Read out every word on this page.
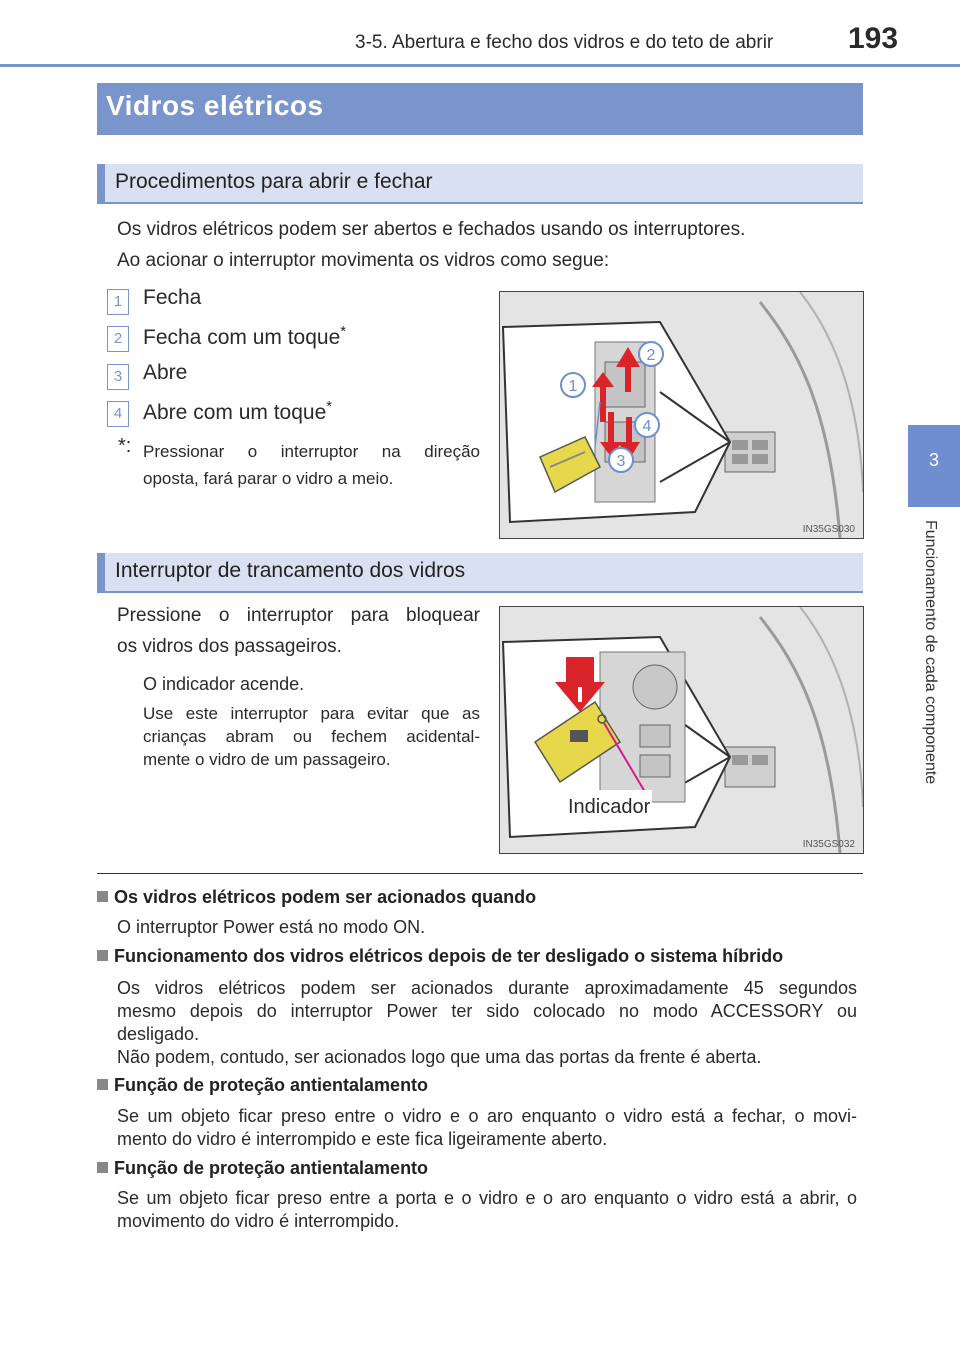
3-5. Abertura e fecho dos vidros e do teto de abrir 193
3
Funcionamento de cada componente
Vidros elétricos
Procedimentos para abrir e fechar
Os vidros elétricos podem ser abertos e fechados usando os interruptores.
Ao acionar o interruptor movimenta os vidros como segue:
1 Fecha
2 Fecha com um toque*
3 Abre
4 Abre com um toque*
*: Pressionar o interruptor na direção
oposta, fará parar o vidro a meio.
2
1
4
3
IN35GS030
Interruptor de trancamento dos vidros
Pressione o interruptor para bloquear
os vidros dos passageiros.
O indicador acende.
Use este interruptor para evitar que as
crianças abram ou fechem acidental-
mente o vidro de um passageiro.
Indicador
IN35GS032
Os vidros elétricos podem ser acionados quando
O interruptor Power está no modo ON.
Funcionamento dos vidros elétricos depois de ter desligado o sistema híbrido
Os vidros elétricos podem ser acionados durante aproximadamente 45 segundos
mesmo depois do interruptor Power ter sido colocado no modo ACCESSORY ou
desligado.
Não podem, contudo, ser acionados logo que uma das portas da frente é aberta.
Função de proteção antientalamento
Se um objeto ficar preso entre o vidro e o aro enquanto o vidro está a fechar, o movi-
mento do vidro é interrompido e este fica ligeiramente aberto.
Função de proteção antientalamento
Se um objeto ficar preso entre a porta e o vidro e o aro enquanto o vidro está a abrir, o
movimento do vidro é interrompido.
